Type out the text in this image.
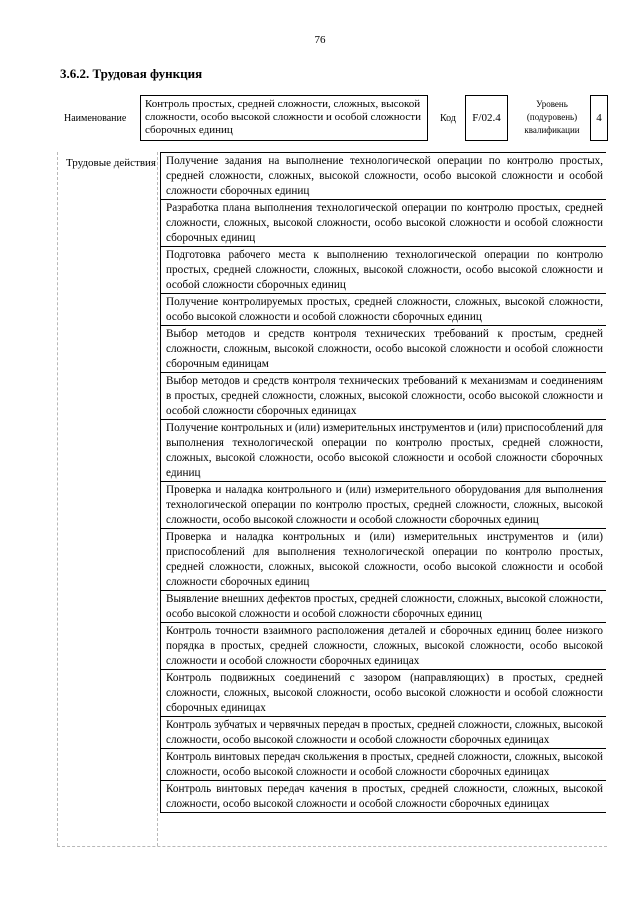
76
3.6.2. Трудовая функция
Наименование
Контроль простых, средней сложности, сложных, высокой сложности, особо высокой сложности и особой сложности сборочных единиц
Код	F/02.4
Уровень (подуровень) квалификации
4
Трудовые действия Получение задания на выполнение технологической операции по контролю простых, средней сложности, сложных, высокой сложности, особо высокой сложности и особой сложности сборочных единиц
Разработка плана выполнения технологической операции по контролю простых, средней сложности, сложных, высокой сложности, особо высокой сложности и особой сложности сборочных единиц
Подготовка рабочего места к выполнению технологической операции по контролю простых, средней сложности, сложных, высокой сложности, особо высокой сложности и особой сложности сборочных единиц
Получение контролируемых простых, средней сложности, сложных, высокой сложности, особо высокой сложности и особой сложности сборочных единиц
Выбор методов и средств контроля технических требований к простым, средней сложности, сложным, высокой сложности, особо высокой сложности и особой сложности сборочным единицам
Выбор методов и средств контроля технических требований к механизмам и соединениям в простых, средней сложности, сложных, высокой сложности, особо высокой сложности и особой сложности сборочных единицах
Получение контрольных и (или) измерительных инструментов и (или) приспособлений для выполнения технологической операции по контролю простых, средней сложности, сложных, высокой сложности, особо высокой сложности и особой сложности сборочных единиц
Проверка и наладка контрольного и (или) измерительного оборудования для выполнения технологической операции по контролю простых, средней сложности, сложных, высокой сложности, особо высокой сложности и особой сложности сборочных единиц
Проверка и наладка контрольных и (или) измерительных инструментов и (или) приспособлений для выполнения технологической операции по контролю простых, средней сложности, сложных, высокой сложности, особо высокой сложности и особой сложности сборочных единиц
Выявление внешних дефектов простых, средней сложности, сложных, высокой сложности, особо высокой сложности и особой сложности сборочных единиц
Контроль точности взаимного расположения деталей и сборочных единиц более низкого порядка в простых, средней сложности, сложных, высокой сложности, особо высокой сложности и особой сложности сборочных единицах
Контроль подвижных соединений с зазором (направляющих) в простых, средней сложности, сложных, высокой сложности, особо высокой сложности и особой сложности сборочных единицах
Контроль зубчатых и червячных передач в простых, средней сложности, сложных, высокой сложности, особо высокой сложности и особой сложности сборочных единицах
Контроль винтовых передач скольжения в простых, средней сложности, сложных, высокой сложности, особо высокой сложности и особой сложности сборочных единицах
Контроль винтовых передач качения в простых, средней сложности, сложных, высокой сложности, особо высокой сложности и особой сложности сборочных единицах
